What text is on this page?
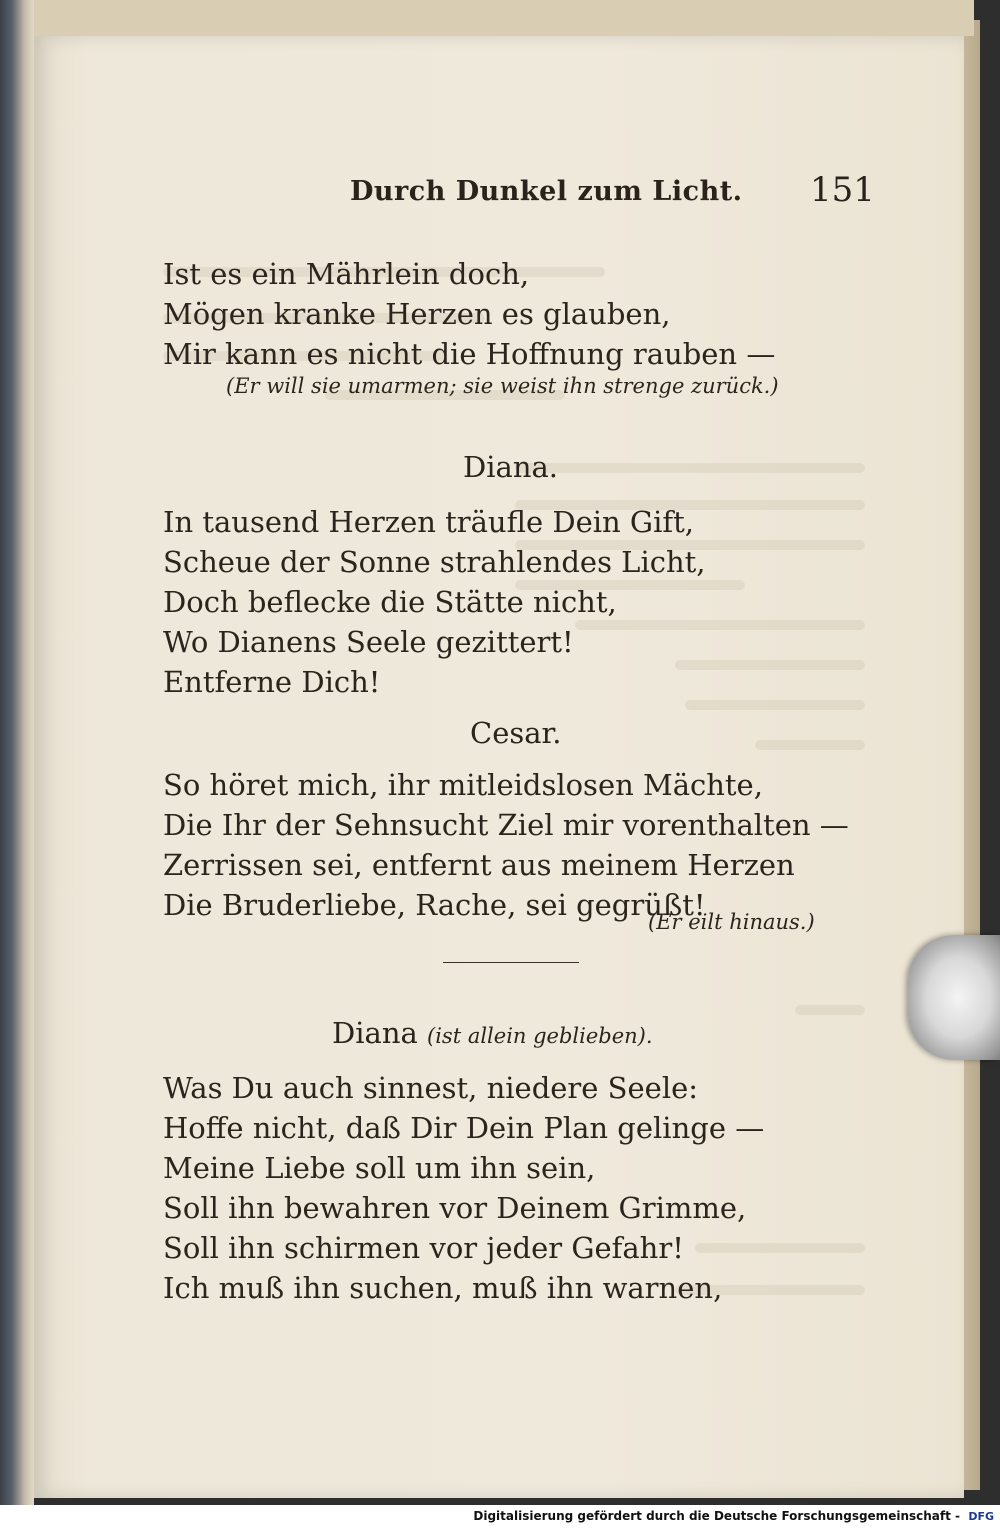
Durch Dunkel zum Licht. 151
Ist es ein Mährlein doch,
Mögen kranke Herzen es glauben,
Mir kann es nicht die Hoffnung rauben —
(Er will sie umarmen; sie weist ihn strenge zurück.)
Diana.
In tausend Herzen träufle Dein Gift,
Scheue der Sonne strahlendes Licht,
Doch beflecke die Stätte nicht,
Wo Dianens Seele gezittert!
Entferne Dich!
Cesar.
So höret mich, ihr mitleidslosen Mächte,
Die Ihr der Sehnsucht Ziel mir vorenthalten —
Zerrissen sei, entfernt aus meinem Herzen
Die Bruderliebe, Rache, sei gegrüßt!
(Er eilt hinaus.)
Diana (ist allein geblieben).
Was Du auch sinnest, niedere Seele:
Hoffe nicht, daß Dir Dein Plan gelinge —
Meine Liebe soll um ihn sein,
Soll ihn bewahren vor Deinem Grimme,
Soll ihn schirmen vor jeder Gefahr!
Ich muß ihn suchen, muß ihn warnen,
Digitalisierung gefördert durch die Deutsche Forschungsgemeinschaft - DFG
